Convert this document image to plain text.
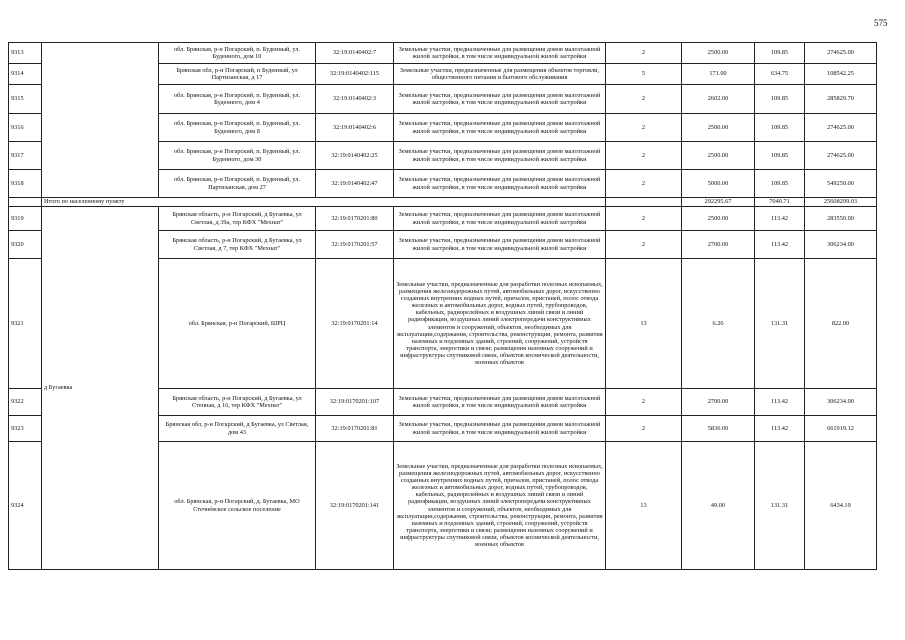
575
9313		обл. Брянская, р-н Погарский, п. Буденный, ул. Буденного, дом 10	32:19:0140402:7	Земельные участки, предназначенные для размещения домов малоэтажной жилой застройки, в том числе индивидуальной жилой застройки	2	2500.00	109.85	274625.00
9314		Брянская обл, р-н Погарский, п Буденный, ул Партизанская, д 17	32:19:0140402:115	Земельные участки, предназначенные для размещения объектов торговли, общественного питания и бытового обслуживания	5	171.00	634.75	108542.25
9315		обл. Брянская, р-н Погарский, п. Буденный, ул. Буденного, дом 4	32:19:0140402:3	Земельные участки, предназначенные для размещения домов малоэтажной жилой застройки, в том числе индивидуальной жилой застройки	2	2602.00	109.85	285829.70
9316		обл. Брянская, р-н Погарский, п. Буденный, ул. Буденного, дом 8	32:19:0140402:6	Земельные участки, предназначенные для размещения домов малоэтажной жилой застройки, в том числе индивидуальной жилой застройки	2	2500.00	109.85	274625.00
9317		обл. Брянская, р-н Погарский, п. Буденный, ул. Буденного, дом 30	32:19:0140402:25	Земельные участки, предназначенные для размещения домов малоэтажной жилой застройки, в том числе индивидуальной жилой застройки	2	2500.00	109.85	274625.00
9318		обл. Брянская, р-н Погарский, п. Буденный, ул. Партизанская, дом 27	32:19:0140402:47	Земельные участки, предназначенные для размещения домов малоэтажной жилой застройки, в том числе индивидуальной жилой застройки	2	5000.00	109.85	549250.00
	Итого по населенному пункту					292295.67	7040.71	25608299.03
9319	д Бугаевка	Брянская область, р-н Погарский, д Бугаевка, ул Светлая, д 39а, тер КФХ "Мехнат"	32:19:0170201:80	Земельные участки, предназначенные для размещения домов малоэтажной жилой застройки, в том числе индивидуальной жилой застройки	2	2500.00	113.42	283550.00
9320		Брянская область, р-н Погарский, д Бугаевка, ул Светлая, д 7, тер КФХ "Мехнат"	32:19:0170201:57	Земельные участки, предназначенные для размещения домов малоэтажной жилой застройки, в том числе индивидуальной жилой застройки	2	2700.00	113.42	306234.00
9321		обл. Брянская, р-н Погарский, ШРЦ	32:19:0170201:14	Земельные участки, предназначенные для разработки полезных ископаемых, размещения железнодорожных путей, автомобильных дорог, искусственно созданных внутренних водных путей, причалов, пристаней, полос отвода железных и автомобильных дорог, водных путей, трубопроводов, кабельных, радиорелейных и воздушных линий связи и линий радиофикации, воздушных линий электропередачи конструктивных элементов и сооружений, объектов, необходимых для эксплуатации,содержания, строительства, реконструкции, ремонта, развития наземных и подземных зданий, строений, сооружений, устройств транспорта, энергетики и связи; размещения наземных сооружений и инфраструктуры спутниковой связи, объектов космической деятельности, военных объектов	13	6.26	131.31	822.00
9322		Брянская область, р-н Погарский, д Бугаевка, ул Степная, д 16, тер КФХ "Мехнат"	32:19:0170201:107	Земельные участки, предназначенные для размещения домов малоэтажной жилой застройки, в том числе индивидуальной жилой застройки	2	2700.00	113.42	306234.00
9323		Брянская обл, р-н Погарский, д Бугаевка, ул Светлая, дом 43	32:19:0170201:81	Земельные участки, предназначенные для размещения домов малоэтажной жилой застройки, в том числе индивидуальной жилой застройки	2	5836.00	113.42	661919.12
9324		обл. Брянская, р-н Погарский, д. Бугаевка, МО Стечнéвское сельское поселение	32:19:0170201:141	Земельные участки, предназначенные для разработки полезных ископаемых, размещения железнодорожных путей, автомобильных дорог, искусственно созданных внутренних водных путей, причалов, пристаней, полос отвода железных и автомобильных дорог, водных путей, трубопроводов, кабельных, радиорелейных и воздушных линий связи и линий радиофикации, воздушных линий электропередачи конструктивных элементов и сооружений, объектов, необходимых для эксплуатации,содержания, строительства, реконструкции, ремонта, развития наземных и подземных зданий, строений, сооружений, устройств транспорта, энергетики и связи; размещения наземных сооружений и инфраструктуры спутниковой связи, объектов космической деятельности, военных объектов	13	49.00	131.31	6434.19
